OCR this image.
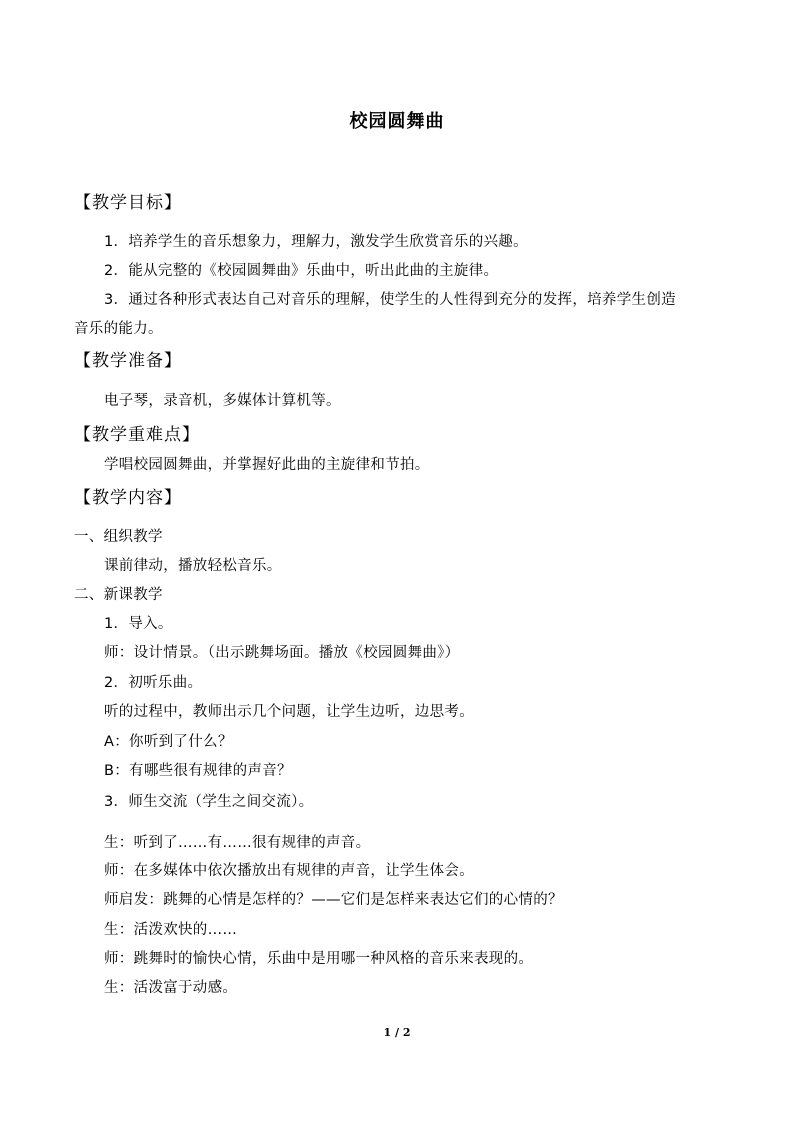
校园圆舞曲
【教学目标】
1．培养学生的音乐想象力，理解力，激发学生欣赏音乐的兴趣。
2．能从完整的《校园圆舞曲》乐曲中，听出此曲的主旋律。
3．通过各种形式表达自己对音乐的理解，使学生的人性得到充分的发挥，培养学生创造
音乐的能力。
【教学准备】
电子琴，录音机，多媒体计算机等。
【教学重难点】
学唱校园圆舞曲，并掌握好此曲的主旋律和节拍。
【教学内容】
一、组织教学
课前律动，播放轻松音乐。
二、新课教学
1．导入。
师：设计情景。（出示跳舞场面。播放《校园圆舞曲》）
2．初听乐曲。
听的过程中，教师出示几个问题，让学生边听，边思考。
A：你听到了什么？
B：有哪些很有规律的声音？
3．师生交流（学生之间交流）。
生：听到了……有……很有规律的声音。
师：在多媒体中依次播放出有规律的声音，让学生体会。
师启发：跳舞的心情是怎样的？——它们是怎样来表达它们的心情的？
生：活泼欢快的……
师：跳舞时的愉快心情，乐曲中是用哪一种风格的音乐来表现的。
生：活泼富于动感。
1 / 2
